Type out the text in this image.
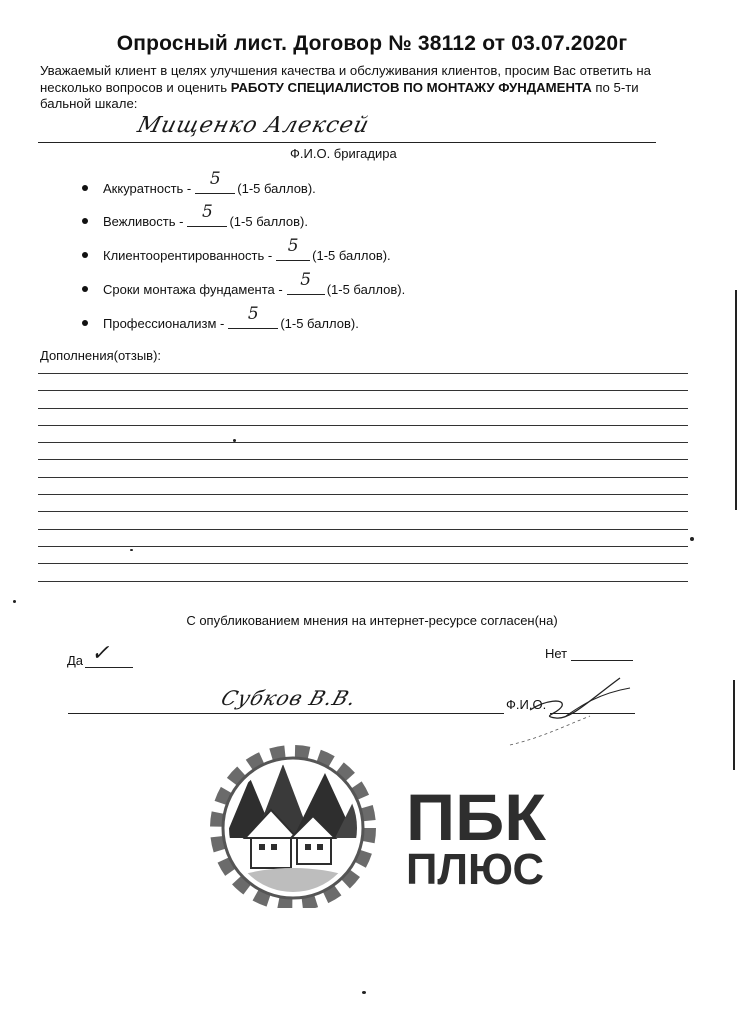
Опросный лист. Договор № 38112 от 03.07.2020г
Уважаемый клиент в целях улучшения качества и обслуживания клиентов, просим Вас ответить на несколько вопросов и оценить РАБОТУ СПЕЦИАЛИСТОВ ПО МОНТАЖУ ФУНДАМЕНТА по 5-ти бальной шкале:
Мищенко Алексей
Ф.И.О. бригадира
Аккуратность -	5	(1-5 баллов).
Вежливость -	5	(1-5 баллов).
Клиентоорентированность - 5	(1-5 баллов).
Сроки монтажа фундамента -	5	(1-5 баллов).
Профессионализм -	5	(1-5 баллов).
Дополнения(отзыв):
С опубликованием мнения на интернет-ресурсе согласен(на)
Да ✓	Нет
Субков В.В.	Ф.И.О.
ПБК
ПЛЮС
